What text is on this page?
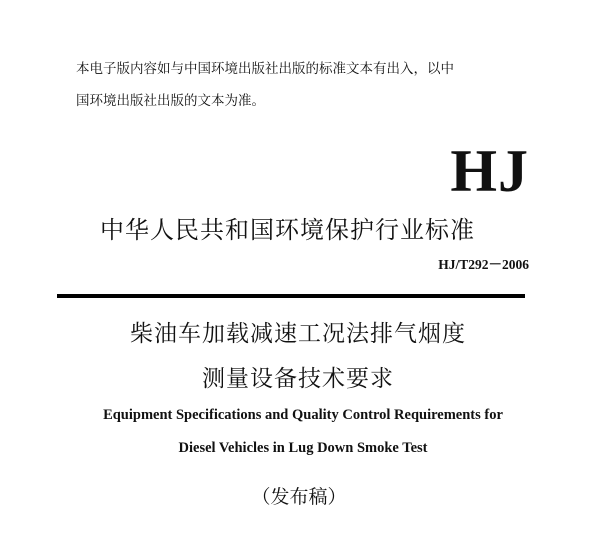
本电子版内容如与中国环境出版社出版的标准文本有出入，以中
国环境出版社出版的文本为准。
HJ
中华人民共和国环境保护行业标准
HJ/T292－2006
柴油车加载减速工况法排气烟度
测量设备技术要求
Equipment Specifications and Quality Control Requirements for
Diesel Vehicles in Lug Down Smoke Test
（发布稿）
